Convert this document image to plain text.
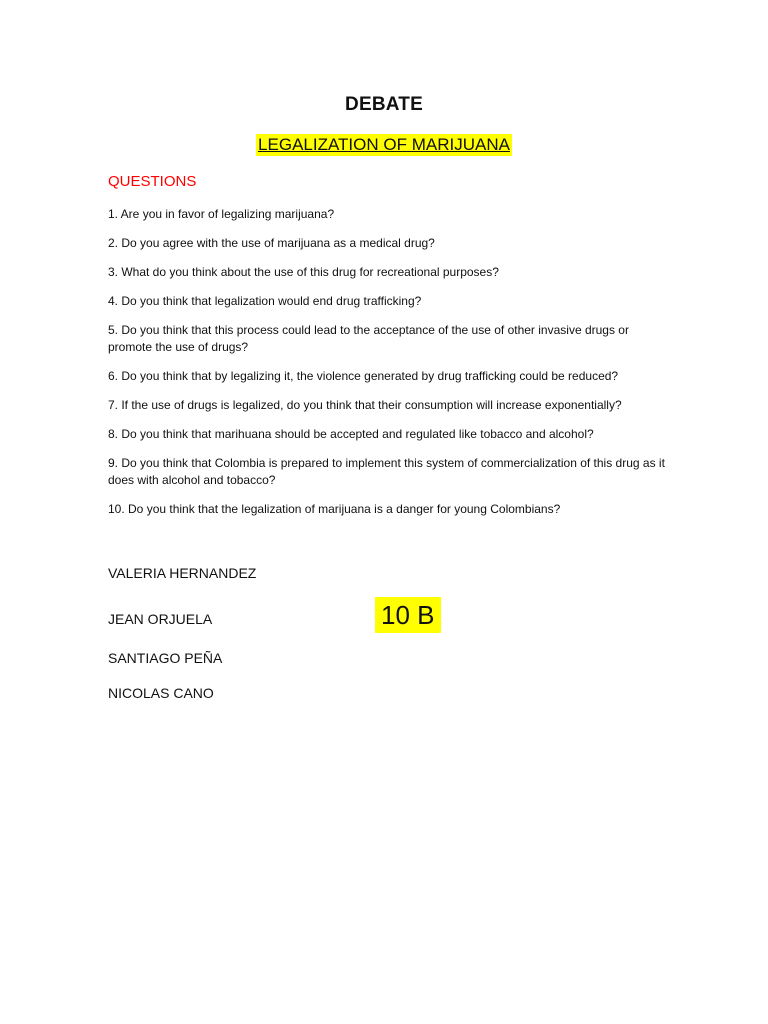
DEBATE
LEGALIZATION OF MARIJUANA
QUESTIONS
1. Are you in favor of legalizing marijuana?
2. Do you agree with the use of marijuana as a medical drug?
3. What do you think about the use of this drug for recreational purposes?
4. Do you think that legalization would end drug trafficking?
5. Do you think that this process could lead to the acceptance of the use of other invasive drugs or promote the use of drugs?
6. Do you think that by legalizing it, the violence generated by drug trafficking could be reduced?
7. If the use of drugs is legalized, do you think that their consumption will increase exponentially?
8. Do you think that marihuana should be accepted and regulated like tobacco and alcohol?
9. Do you think that Colombia is prepared to implement this system of commercialization of this drug as it does with alcohol and tobacco?
10. Do you think that the legalization of marijuana is a danger for young Colombians?
VALERIA HERNANDEZ
JEAN ORJUELA
SANTIAGO PEÑA
NICOLAS CANO
10 B
